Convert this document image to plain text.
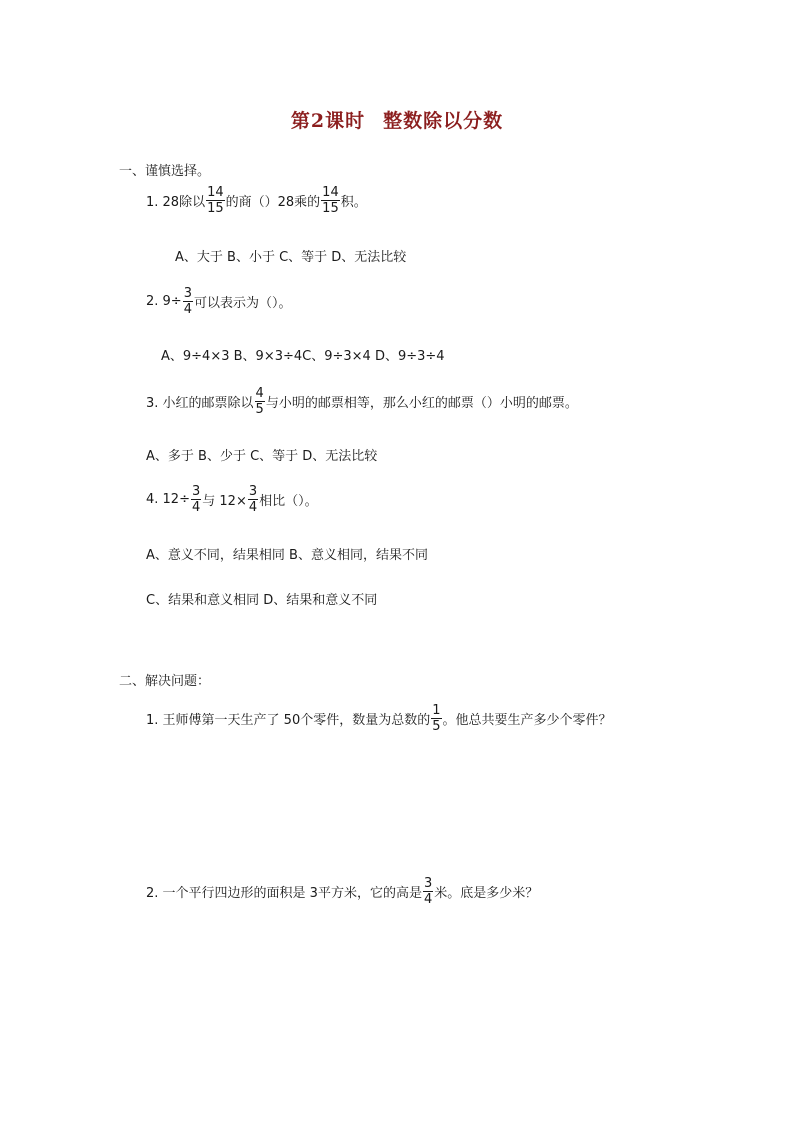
第2课时 整数除以分数
一、谨慎选择。
1. 28除以 $\frac{14}{15}$ 的商（）28乘的 $\frac{14}{15}$ 积。
A、大于 B、小于 C、等于 D、无法比较
2. $9\div \frac{3}{4}$ 可以表示为（）。
A、9÷4×3 B、9×3÷4C、9÷3×4 D、9÷3÷4
3. 小红的邮票除以 $\frac{4}{5}$ 与小明的邮票相等，那么小红的邮票（）小明的邮票。
A、多于 B、少于 C、等于 D、无法比较
4. $12\div \frac{3}{4}$ 与 $12\times \frac{3}{4}$ 相比（）。
A、意义不同，结果相同 B、意义相同，结果不同
C、结果和意义相同 D、结果和意义不同
二、解决问题：
1. 王师傅第一天生产了 50个零件，数量为总数的 $\frac{1}{5}$ 。他总共要生产多少个零件？
2. 一个平行四边形的面积是 3平方米，它的高是 $\frac{3}{4}$ 米。底是多少米？
